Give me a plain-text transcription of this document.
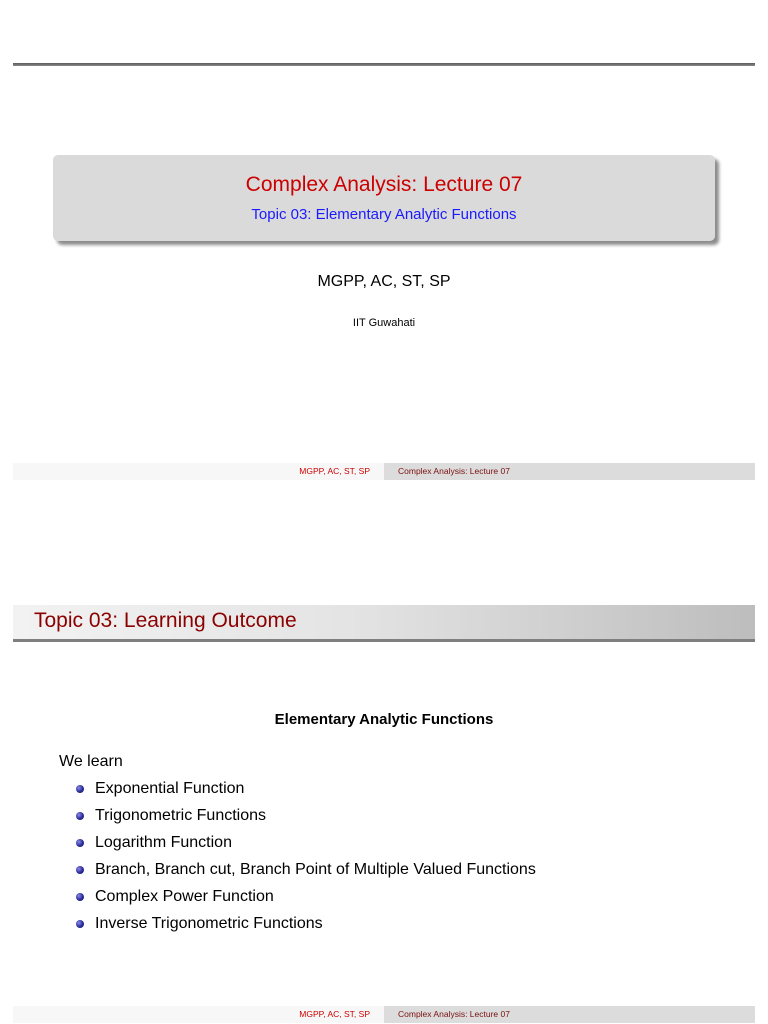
Complex Analysis: Lecture 07
Topic 03: Elementary Analytic Functions
MGPP, AC, ST, SP
IIT Guwahati
MGPP, AC, ST, SP	Complex Analysis: Lecture 07
Topic 03: Learning Outcome
Elementary Analytic Functions
We learn
Exponential Function
Trigonometric Functions
Logarithm Function
Branch, Branch cut, Branch Point of Multiple Valued Functions
Complex Power Function
Inverse Trigonometric Functions
MGPP, AC, ST, SP	Complex Analysis: Lecture 07
